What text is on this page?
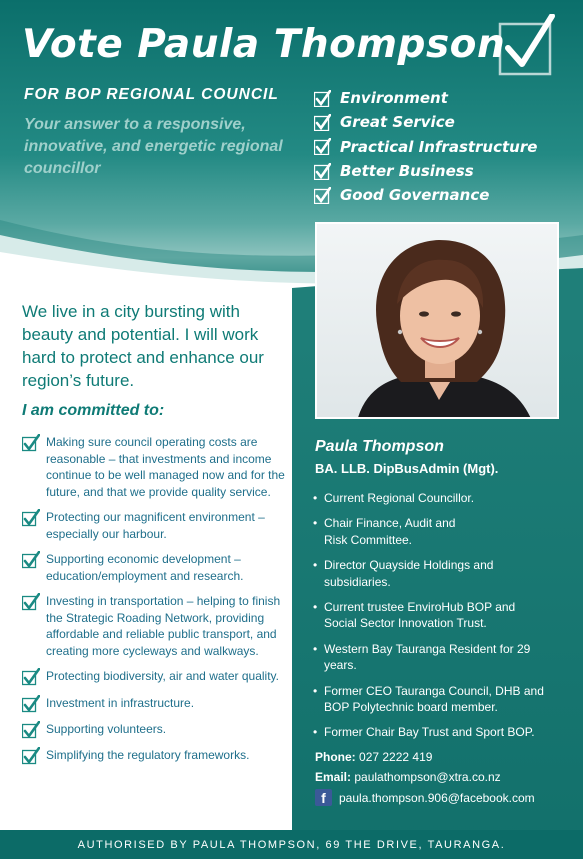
Vote Paula Thompson
FOR BOP REGIONAL COUNCIL
Your answer to a responsive, innovative, and energetic regional councillor
Environment
Great Service
Practical Infrastructure
Better Business
Good Governance
We live in a city bursting with beauty and potential. I will work hard to protect and enhance our region’s future.
I am committed to:
Making sure council operating costs are reasonable – that investments and income continue to be well managed now and for the future, and that we provide quality service.
Protecting our magnificent environment – especially our harbour.
Supporting economic development – education/employment and research.
Investing in transportation – helping to finish the Strategic Roading Network, providing affordable and reliable public transport, and creating more cycleways and walkways.
Protecting biodiversity, air and water quality.
Investment in infrastructure.
Supporting volunteers.
Simplifying the regulatory frameworks.
Paula Thompson
BA. LLB. DipBusAdmin (Mgt).
• Current Regional Councillor.
• Chair Finance, Audit and Risk Committee.
• Director Quayside Holdings and subsidiaries.
• Current trustee EnviroHub BOP and Social Sector Innovation Trust.
• Western Bay Tauranga Resident for 29 years.
• Former CEO Tauranga Council, DHB and BOP Polytechnic board member.
• Former Chair Bay Trust and Sport BOP.
Phone: 027 2222 419
Email: paulathompson@xtra.co.nz
f	paula.thompson.906@facebook.com
AUTHORISED BY PAULA THOMPSON, 69 THE DRIVE, TAURANGA.
